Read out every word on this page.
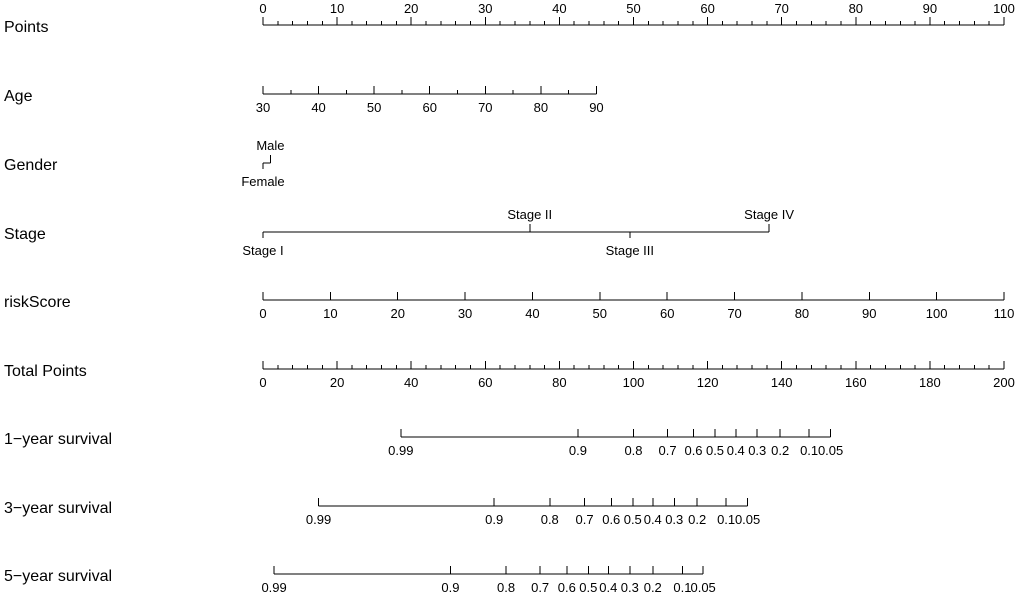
Points
0	10	20	30	40	50	60	70	80	90	100
Age
30	40	50	60	70	80	90
Gender
Female
Male
Stage
Stage I
Stage II
Stage III
Stage IV
riskScore
0	10	20	30	40	50	60	70	80	90	100	110
Total Points
0	20	40	60	80	100	120	140	160	180	200
1−year survival
0.99	0.9	0.8 0.7 0.6 0.5 0.4 0.3 0.2 0.1 0.05
3−year survival
0.99	0.9	0.8 0.7 0.6 0.5 0.4 0.3 0.2 0.1 0.05
5−year survival
0.99	0.9	0.8 0.7 0.6 0.5 0.4 0.3 0.2 0.1 0.05
